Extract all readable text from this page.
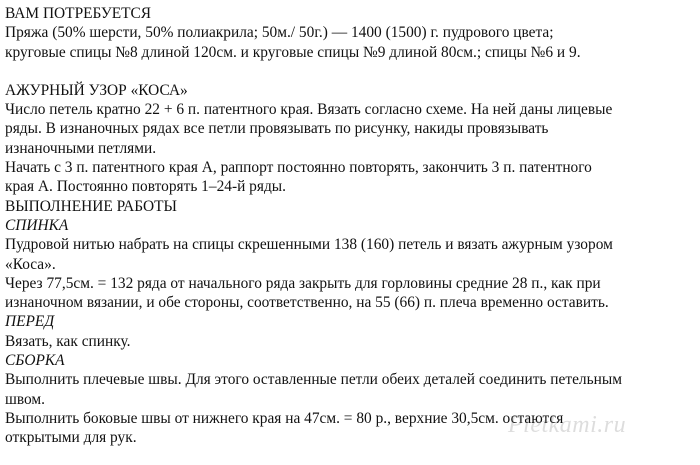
ВАМ ПОТРЕБУЕТСЯ

Пряжа (50% шерсти, 50% полиакрила; 50м./ 50г.) — 1400 (1500) г. пудрового цвета;

круговые спицы №8 длиной 120см. и круговые спицы №9 длиной 80см.; спицы №6 и 9.

АЖУРНЫЙ УЗОР «КОСА»

Число петель кратно 22 + 6 п. патентного края. Вязать согласно схеме. На ней даны лицевые

ряды. В изнаночных рядах все петли провязывать по рисунку, накиды провязывать

изнаночными петлями.

Начать с 3 п. патентного края А, раппорт постоянно повторять, закончить 3 п. патентного

края А. Постоянно повторять 1–24-й ряды.

ВЫПОЛНЕНИЕ РАБОТЫ

СПИНКА

Пудровой нитью набрать на спицы скрешенными 138 (160) петель и вязать ажурным узором

«Коса».

Через 77,5см. = 132 ряда от начального ряда закрыть для горловины средние 28 п., как при

изнаночном вязании, и обе стороны, соответственно, на 55 (66) п. плеча временно оставить.

ПЕРЕД

Вязать, как спинку.

СБОРКА

Выполнить плечевые швы. Для этого оставленные петли обеих деталей соединить петельным

швом.

Выполнить боковые швы от нижнего края на 47см. = 80 р., верхние 30,5см. остаются

открытыми для рук.	Pletkami.ru
